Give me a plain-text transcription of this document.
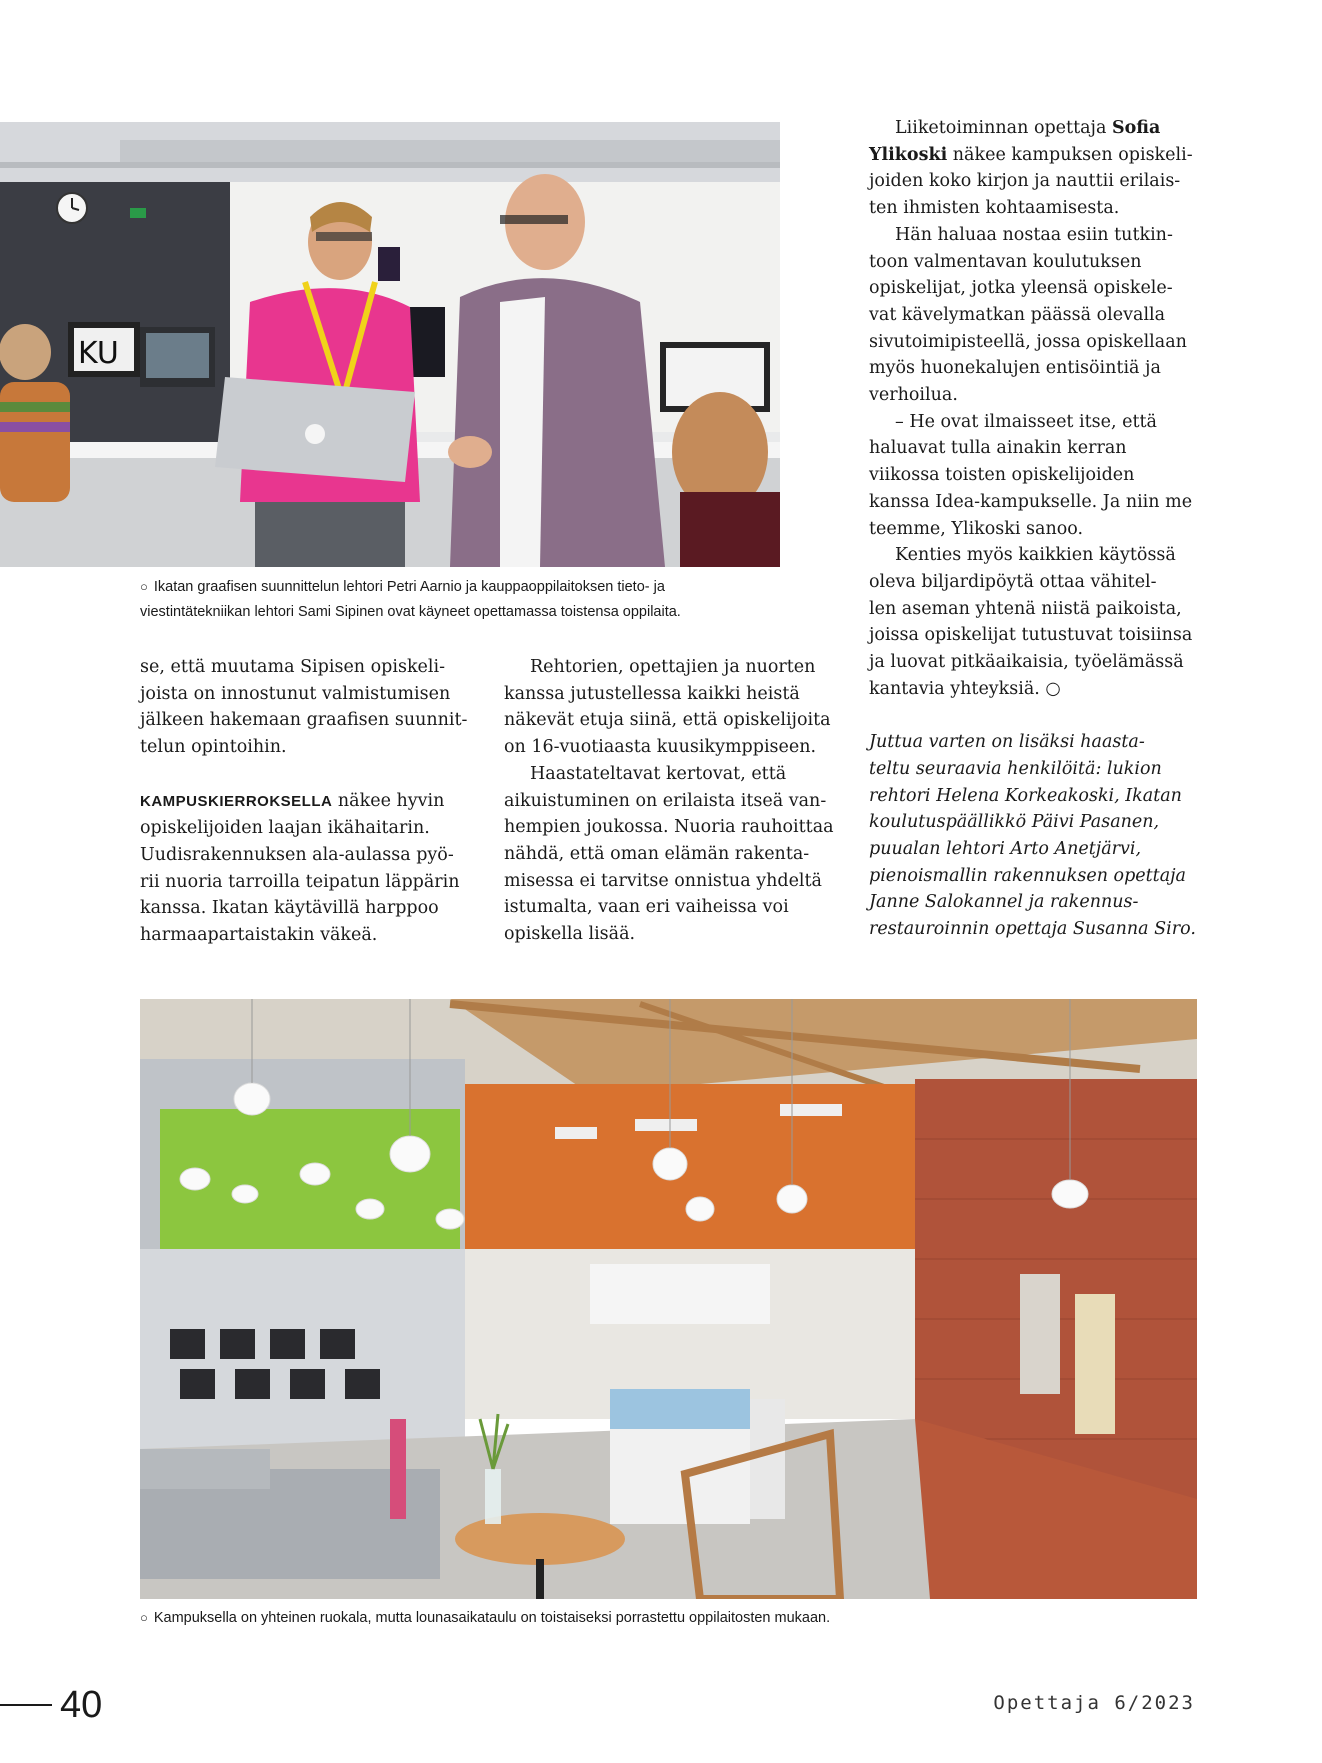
KU
○ Ikatan graafisen suunnittelun lehtori Petri Aarnio ja kauppaoppilaitoksen tieto- ja
viestintätekniikan lehtori Sami Sipinen ovat käyneet opettamassa toistensa oppilaita.

se, että muutama Sipisen opiskeli-
joista on innostunut valmistumisen
jälkeen hakemaan graafisen suunnit-
telun opintoihin.

KAMPUSKIERROKSELLA näkee hyvin
opiskelijoiden laajan ikähaitarin.
Uudisrakennuksen ala-aulassa pyö-
rii nuoria tarroilla teipatun läppärin
kanssa. Ikatan käytävillä harppoo
harmaapartaistakin väkeä.

Rehtorien, opettajien ja nuorten
kanssa jutustellessa kaikki heistä
näkevät etuja siinä, että opiskelijoita
on 16-vuotiaasta kuusikymppiseen.

Haastateltavat kertovat, että
aikuistuminen on erilaista itseä van-
hempien joukossa. Nuoria rauhoittaa
nähdä, että oman elämän rakenta-
misessa ei tarvitse onnistua yhdeltä
istumalta, vaan eri vaiheissa voi
opiskella lisää.

Liiketoiminnan opettaja Sofia
Ylikoski näkee kampuksen opiskeli-
joiden koko kirjon ja nauttii erilais-
ten ihmisten kohtaamisesta.

Hän haluaa nostaa esiin tutkin-
toon valmentavan koulutuksen
opiskelijat, jotka yleensä opiskele-
vat kävelymatkan päässä olevalla
sivutoimipisteellä, jossa opiskellaan
myös huonekalujen entisöintiä ja
verhoilua.

– He ovat ilmaisseet itse, että
haluavat tulla ainakin kerran
viikossa toisten opiskelijoiden
kanssa Idea-kampukselle. Ja niin me
teemme, Ylikoski sanoo.

Kenties myös kaikkien käytössä
oleva biljardipöytä ottaa vähitel-
len aseman yhtenä niistä paikoista,
joissa opiskelijat tutustuvat toisiinsa
ja luovat pitkäaikaisia, työelämässä
kantavia yhteyksiä. ○

Juttua varten on lisäksi haasta-
teltu seuraavia henkilöitä: lukion
rehtori Helena Korkeakoski, Ikatan
koulutuspäällikkö Päivi Pasanen,
puualan lehtori Arto Anetjärvi,
pienoismallin rakennuksen opettaja
Janne Salokannel ja rakennus-
restauroinnin opettaja Susanna Siro.

○ Kampuksella on yhteinen ruokala, mutta lounasaikataulu on toistaiseksi porrastettu oppilaitosten mukaan.
40	Opettaja 6/2023
